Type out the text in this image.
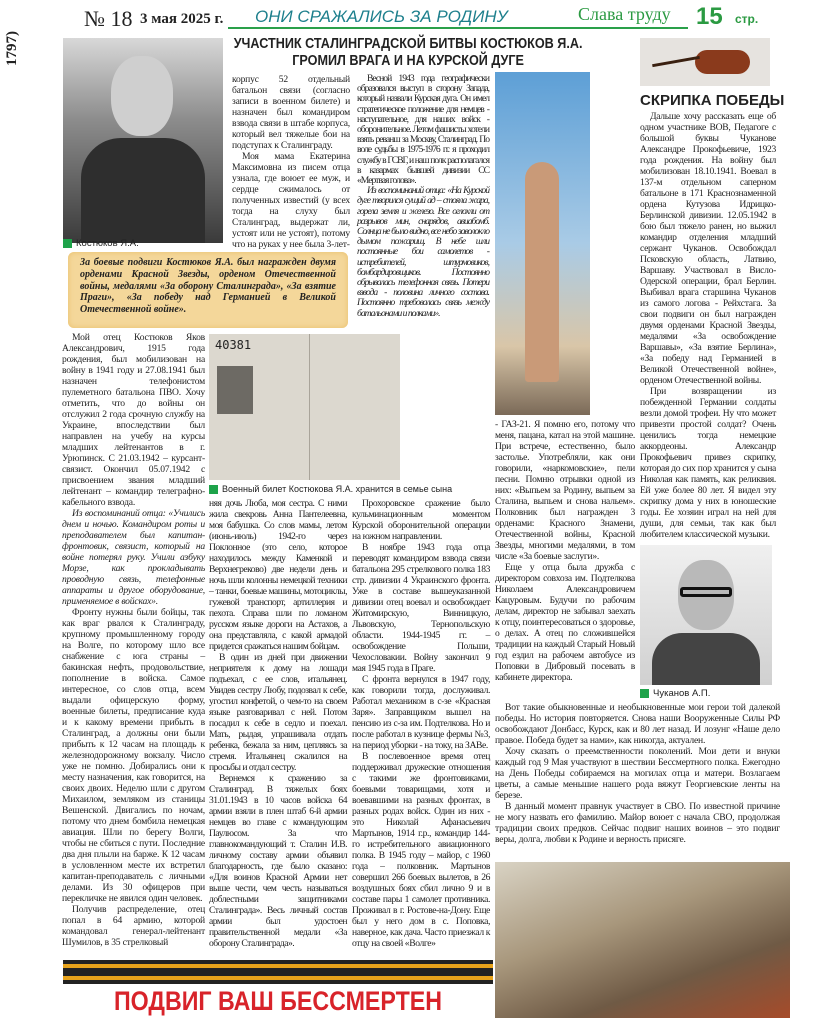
1797)
№ 18 3 мая 2025 г. ОНИ СРАЖАЛИСЬ ЗА РОДИНУ	Слава труду 15 стр.
УЧАСТНИК СТАЛИНГРАДСКОЙ БИТВЫ КОСТЮКОВ Я.А. ГРОМИЛ ВРАГА И НА КУРСКОЙ ДУГЕ
Костюков Я.А.
За боевые подвиги Костюков Я.А. был награжден двумя орденами Красной Звезды, орденом Отечественной войны, медалями «За оборону Сталинграда», «За взятие Праги», «За победу над Германией в Великой Отечественной войне».

корпус 52 отдельный батальон связи (согласно записи в военном билете) и назначен был командиром взвода связи в штабе корпуса, который вел тяжелые бои на подступах к Сталинграду.

Моя мама Екатерина Максимовна из писем отца узнала, где воюет ее муж, и сердце сжималось от полученных известий (у всех тогда на слуху был Сталинград, выдержат ли, устоят или не устоят), потому что на руках у нее была 3-лет-

Весной 1943 года географически образовался выступ в сторону Запада, который назвали Курская дуга. Он имел стратегическое положение для немцев - наступательное, для наших войск - оборонительное. Летом фашисты хотели взять реванш за Москву, Сталинград. По воле судьбы в 1975-1976 гг. я проходил службу в ГСВГ, и наш полк располагался в казармах бывшей дивизии СС «Мертвая голова».

Из воспоминаний отца: «На Курской дуге творился сущий ад – стояла жара, горела земля и железо. Все оглохли от разрывов мин, снарядов, авиабомб. Солнца не было видно, все небо заволокло дымом пожарищ. В небе шли постоянные бои самолетов - истребителей, штурмовиков, бомбардировщиков. Постоянно обрывалась телефонная связь. Потери взвода - половина личного состава. Постоянно требовалась связь между батальонами и полками».

СКРИПКА ПОБЕДЫ

Дальше хочу рассказать еще об одном участнике ВОВ, Педагоге с большой буквы Чуканове Александре Прокофьевиче, 1923 года рождения. На войну был мобилизован 18.10.1941. Воевал в 137-м отдельном саперном батальоне в 171 Краснознаменной ордена Кутузова Идрицко-Берлинской дивизии. 12.05.1942 в бою был тяжело ранен, но выжил командир отделения младший сержант Чуканов. Освобождал Псковскую область, Латвию, Варшаву. Участвовал в Висло-Одерской операции, брал Берлин. Выбивал врага старшина Чуканов из самого логова - Рейхстага. За свои подвиги он был награжден двумя орденами Красной Звезды, медалями «За освобождение Варшавы», «За взятие Берлина», «За победу над Германией в Великой Отечественной войне», орденом Отечественной войны.

При возвращении из побежденной Германии солдаты везли домой трофеи. Ну что может привезти простой солдат? Очень ценились тогда немецкие аккордеоны. Александр Прокофьевич привез скрипку, которая до сих пор хранится у сына Николая как память, как реликвия. Ей уже более 80 лет. Я видел эту скрипку дома у них в юношеские годы. Ее хозяин играл на ней для души, для семьи, так как был любителем классической музыки.

Чуканов А.П.

Мой отец Костюков Яков Александрович, 1915 года рождения, был мобилизован на войну в 1941 году и 27.08.1941 был назначен телефонистом пулеметного батальона ПВО. Хочу отметить, что до войны он отслужил 2 года срочную службу на Украине, впоследствии был направлен на учебу на курсы младших лейтенантов в г. Урюпинск. С 21.03.1942 – курсант-связист. Окончил 05.07.1942 с присвоением звания младший лейтенант – командир телеграфно-кабельного взвода.

Из воспоминаний отца: «Учились днем и ночью. Командиром роты и преподавателем был капитан-фронтовик, связист, который на войне потерял руку. Учили азбуку Морзе, как прокладывать проводную связь, телефонные аппараты и другое оборудование, применяемое в войсках».

Фронту нужны были бойцы, так как враг рвался к Сталинграду, крупному промышленному городу на Волге, по которому шло все снабжение с юга страны – бакинская нефть, продовольствие, пополнение в войска. Самое интересное, со слов отца, всем выдали офицерскую форму, военные билеты, предписание куда и к какому времени прибыть в Сталинград, а должны они были прибыть к 12 часам на площадь к железнодорожному вокзалу. Число уже не помню. Добирались они к месту назначения, как говорится, на своих двоих. Неделю шли с другом Михаилом, земляком из станицы Вешенской. Двигались по ночам, потому что днем бомбила немецкая авиация. Шли по берегу Волги, чтобы не сбиться с пути. Последние два дня плыли на барже. К 12 часам в условленном месте их встретил капитан-преподаватель с личными делами. Из 30 офицеров при перекличке не явился один человек.

Получив распределение, отец попал в 64 армию, которой командовал генерал-лейтенант Шумилов, в 35 стрелковый

40381
Военный билет Костюкова Я.А. хранится в семье сына

няя дочь Люба, моя сестра. С ними жила свекровь Анна Пантелеевна, моя бабушка. Со слов мамы, летом (июнь-июль) 1942-го через Поклонное (это село, которое находилось между Каменкой и Верхнегреково) две недели день и ночь шли колонны немецкой техники – танки, боевые машины, мотоциклы, гужевой транспорт, артиллерия и пехота. Справа шли по ломаном русском языке дороги на Астахов, а она представляла, с какой армадой придется сражаться нашим бойцам.

В один из дней при движении неприятеля к дому на лошади подъехал, с ее слов, итальянец. Увидев сестру Любу, подозвал к себе, угостил конфетой, о чем-то на своем языке разговаривал с ней. Потом посадил к себе в седло и поехал. Мать, рыдая, упрашивала отдать ребенка, бежала за ним, цепляясь за стремя. Итальянец сжалился на просьбы и отдал сестру.

Вернемся к сражению за Сталинград. В тяжелых боях 31.01.1943 в 10 часов войска 64 армии взяли в плен штаб 6-й армии немцев во главе с командующим Паулюсом. За что главнокомандующий т. Сталин И.В. личному составу армии объявил благодарность, где было сказано: «Для воинов Красной Армии нет выше чести, чем честь называться доблестными защитниками Сталинграда». Весь личный состав армии был удостоен правительственной медали «За оборону Сталинграда».

Прохоровское сражение было кульминационным моментом Курской оборонительной операции на южном направлении.

В ноябре 1943 года отца переводят командиром взвода связи батальона 295 стрелкового полка 183 стр. дивизии 4 Украинского фронта. Уже в составе вышеуказанной дивизии отец воевал и освобождает Житомирскую, Винницкую, Львовскую, Тернопольскую области. 1944-1945 гг. – освобождение Польши, Чехословакии. Войну закончил 9 мая 1945 года в Праге.

С фронта вернулся в 1947 году, как говорили тогда, дослуживал. Работал механиком в с-зе «Красная Заря». Заправщиком вышел на пенсию из с-за им. Подтелкова. Но и после работал в кузнице фермы №3, на период уборки - на току, на ЗАВе.

В послевоенное время отец поддерживал дружеские отношения с такими же фронтовиками, боевыми товарищами, хотя и воевавшими на разных фронтах, в разных родах войск. Один из них - это Николай Афанасьевич Мартынов, 1914 г.р., командир 144-го истребительного авиационного полка. В 1945 году – майор, с 1960 года – полковник. Мартынов совершил 266 боевых вылетов, в 26 воздушных боях сбил лично 9 и в составе пары 1 самолет противника. Проживал в г. Ростове-на-Дону. Еще был у него дом в с. Поповка, наверное, как дача. Часто приезжал к отцу на своей «Волге»

- ГАЗ-21. Я помню его, потому что меня, пацана, катал на этой машине. При встрече, естественно, было застолье. Употребляли, как они говорили, «наркомовские», пели песни. Помню отрывки одной из них: «Выпьем за Родину, выпьем за Сталина, выпьем и снова нальем». Полковник был награжден 3 орденами: Красного Знамени, Отечественной войны, Красной Звезды, многими медалями, в том числе «За боевые заслуги».

Еще у отца была дружба с директором совхоза им. Подтелкова Николаем Александровичем Кацуровым. Будучи по рабочим делам, директор не забывал заехать к отцу, поинтересоваться о здоровье, о делах. А отец по сложившейся традиции на каждый Старый Новый год ездил на рабочем автобусе из Поповки в Дибровый посевать в кабинете директора.

Вот такие обыкновенные и необыкновенные мои герои той далекой победы. Но история повторяется. Снова наши Вооруженные Силы РФ освобождают Донбасс, Курск, как и 80 лет назад. И лозунг «Наше дело правое. Победа будет за нами», как никогда, актуален.

Хочу сказать о преемственности поколений. Мои дети и внуки каждый год 9 Мая участвуют в шествии Бессмертного полка. Ежегодно на День Победы собираемся на могилах отца и матери. Возлагаем цветы, а самые меньшие нашего рода вяжут Георгиевские ленты на березе.

В данный момент правнук участвует в СВО. По известной причине не могу назвать его фамилию. Майор воюет с начала СВО, продолжая традиции своих предков. Сейчас подвиг наших воинов – это подвиг веры, долга, любви к Родине и верность присяге.

ПОДВИГ ВАШ БЕССМЕРТЕН
